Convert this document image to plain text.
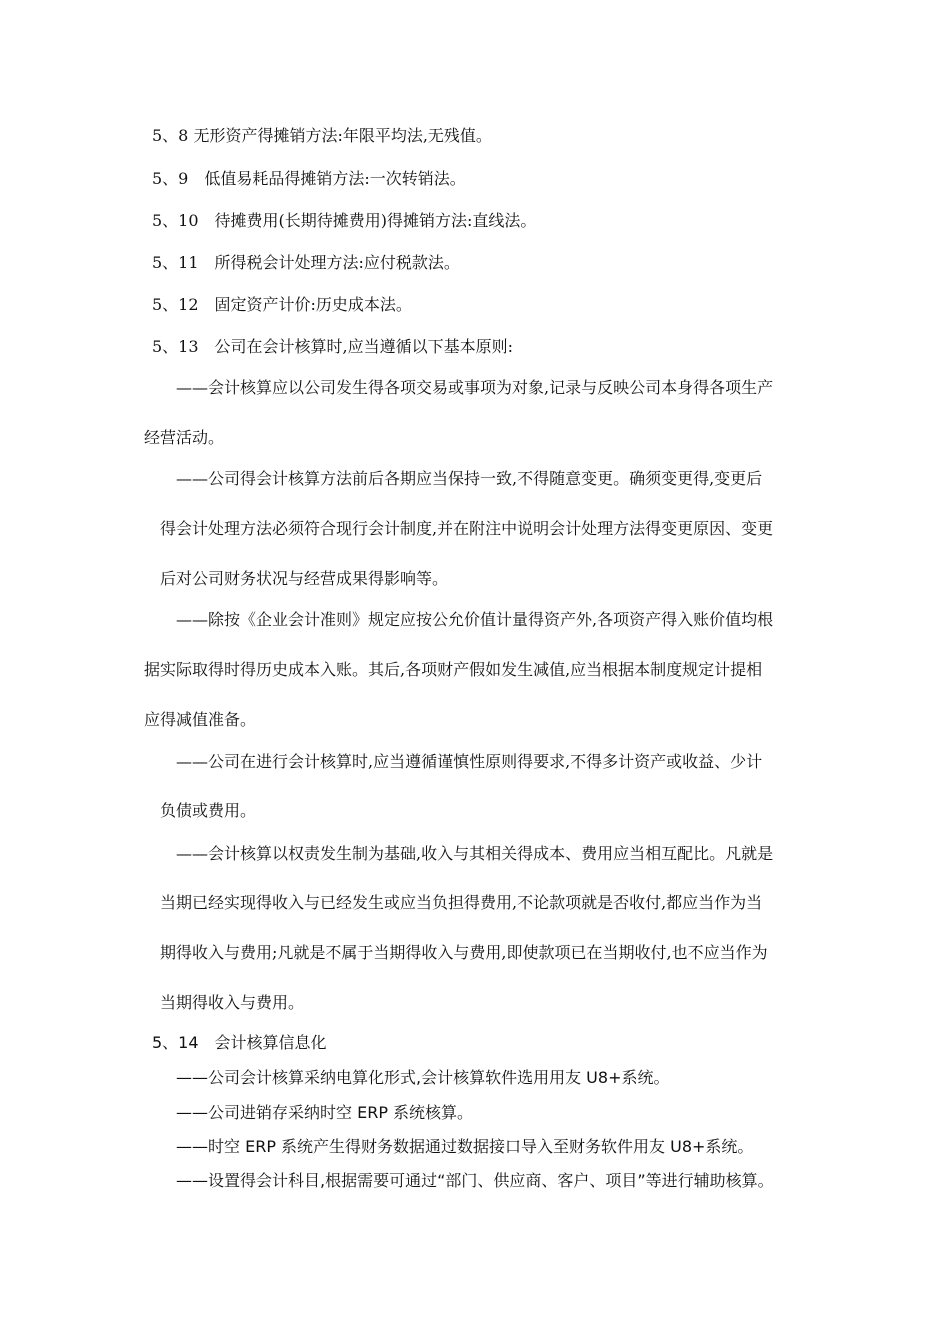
5、8 无形资产得摊销方法:年限平均法,无残值。

5、9　低值易耗品得摊销方法:一次转销法。

5、10　待摊费用(长期待摊费用)得摊销方法:直线法。

5、11　所得税会计处理方法:应付税款法。

5、12　固定资产计价:历史成本法。

5、13　公司在会计核算时,应当遵循以下基本原则:

——会计核算应以公司发生得各项交易或事项为对象,记录与反映公司本身得各项生产

经营活动。

——公司得会计核算方法前后各期应当保持一致,不得随意变更。确须变更得,变更后

得会计处理方法必须符合现行会计制度,并在附注中说明会计处理方法得变更原因、变更

后对公司财务状况与经营成果得影响等。

——除按《企业会计准则》规定应按公允价值计量得资产外,各项资产得入账价值均根

据实际取得时得历史成本入账。其后,各项财产假如发生减值,应当根据本制度规定计提相

应得减值准备。

——公司在进行会计核算时,应当遵循谨慎性原则得要求,不得多计资产或收益、少计

负债或费用。

——会计核算以权责发生制为基础,收入与其相关得成本、费用应当相互配比。凡就是

当期已经实现得收入与已经发生或应当负担得费用,不论款项就是否收付,都应当作为当

期得收入与费用;凡就是不属于当期得收入与费用,即使款项已在当期收付,也不应当作为

当期得收入与费用。

5、14　会计核算信息化

——公司会计核算采纳电算化形式,会计核算软件选用用友 U8+系统。

——公司进销存采纳时空 ERP 系统核算。

——时空 ERP 系统产生得财务数据通过数据接口导入至财务软件用友 U8+系统。

——设置得会计科目,根据需要可通过“部门、供应商、客户、项目”等进行辅助核算。
